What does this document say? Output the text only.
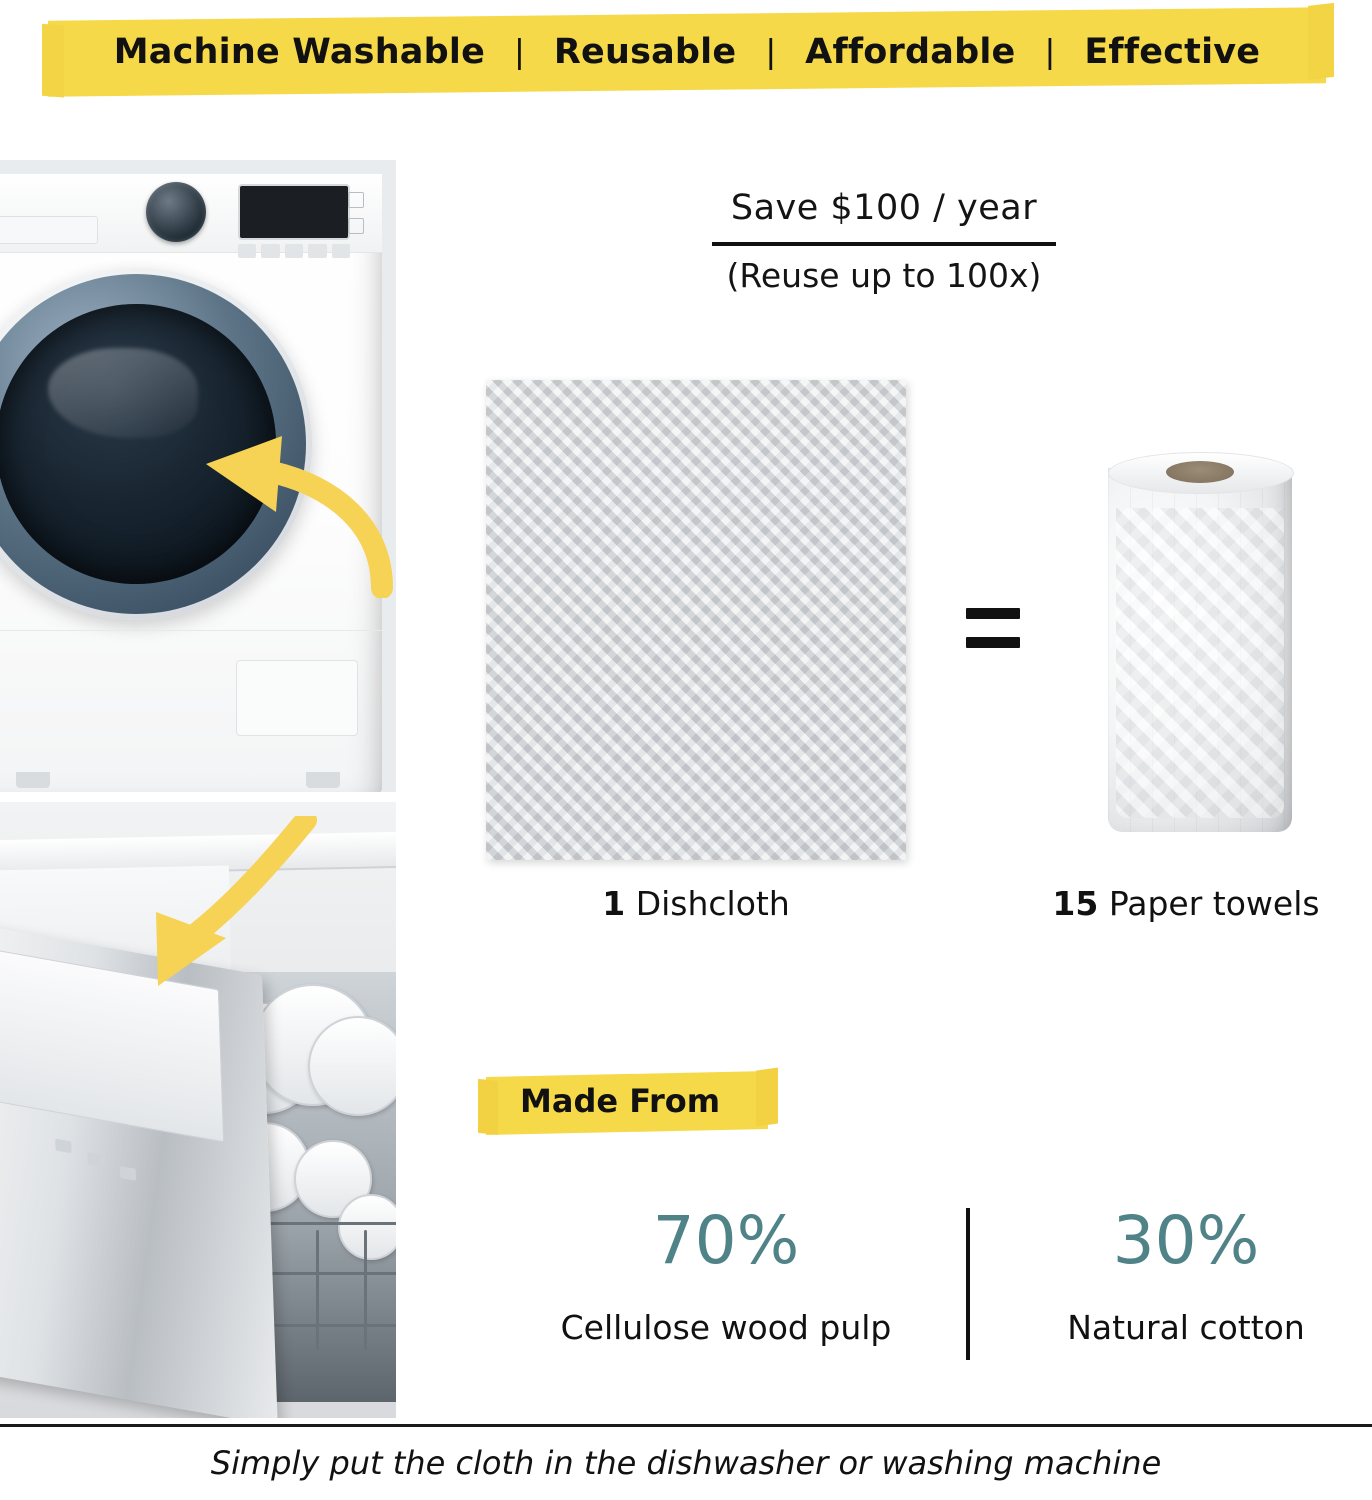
Machine Washable | Reusable | Affordable | Effective
Save $100 / year
(Reuse up to 100x)
1 Dishcloth	15 Paper towels
Made From
70%
Cellulose wood pulp
30%
Natural cotton
Simply put the cloth in the dishwasher or washing machine
